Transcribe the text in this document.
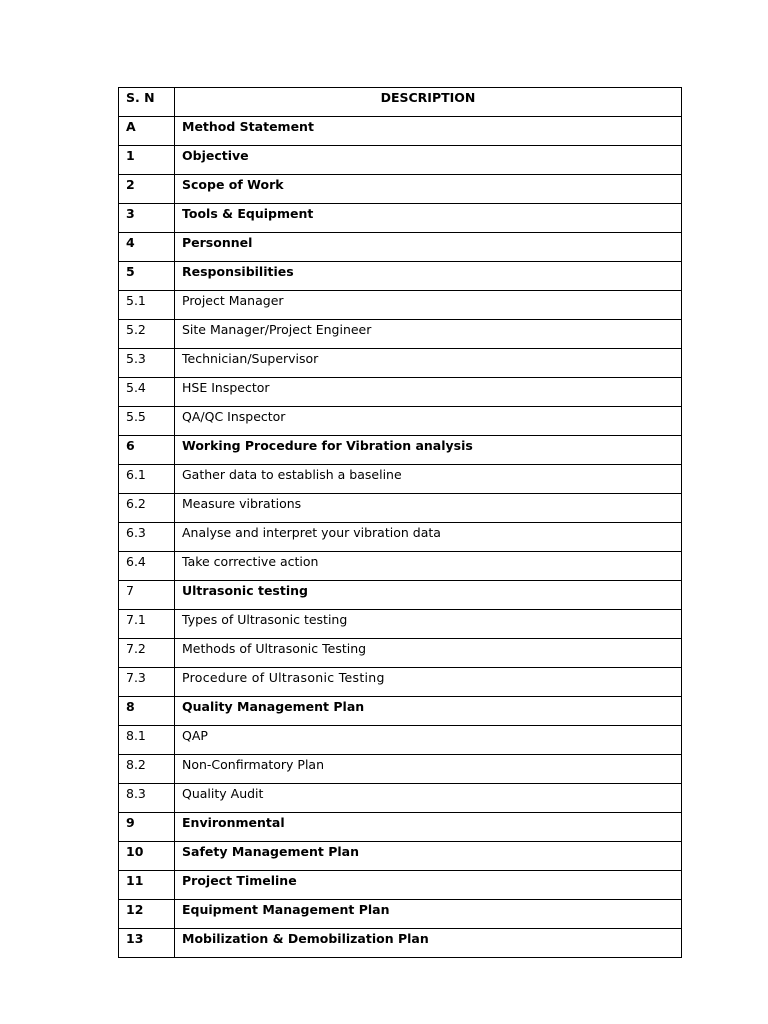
S. N	DESCRIPTION
A	Method Statement
1	Objective
2	Scope of Work
3	Tools & Equipment
4	Personnel
5	Responsibilities
5.1	Project Manager
5.2	Site Manager/Project Engineer
5.3	Technician/Supervisor
5.4	HSE Inspector
5.5	QA/QC Inspector
6	Working Procedure for Vibration analysis
6.1	Gather data to establish a baseline
6.2	Measure vibrations
6.3	Analyse and interpret your vibration data
6.4	Take corrective action
7	Ultrasonic testing
7.1	Types of Ultrasonic testing
7.2	Methods of Ultrasonic Testing
7.3	Procedure of Ultrasonic Testing
8	Quality Management Plan
8.1	QAP
8.2	Non-Confirmatory Plan
8.3	Quality Audit
9	Environmental
10	Safety Management Plan
11	Project Timeline
12	Equipment Management Plan
13	Mobilization & Demobilization Plan
